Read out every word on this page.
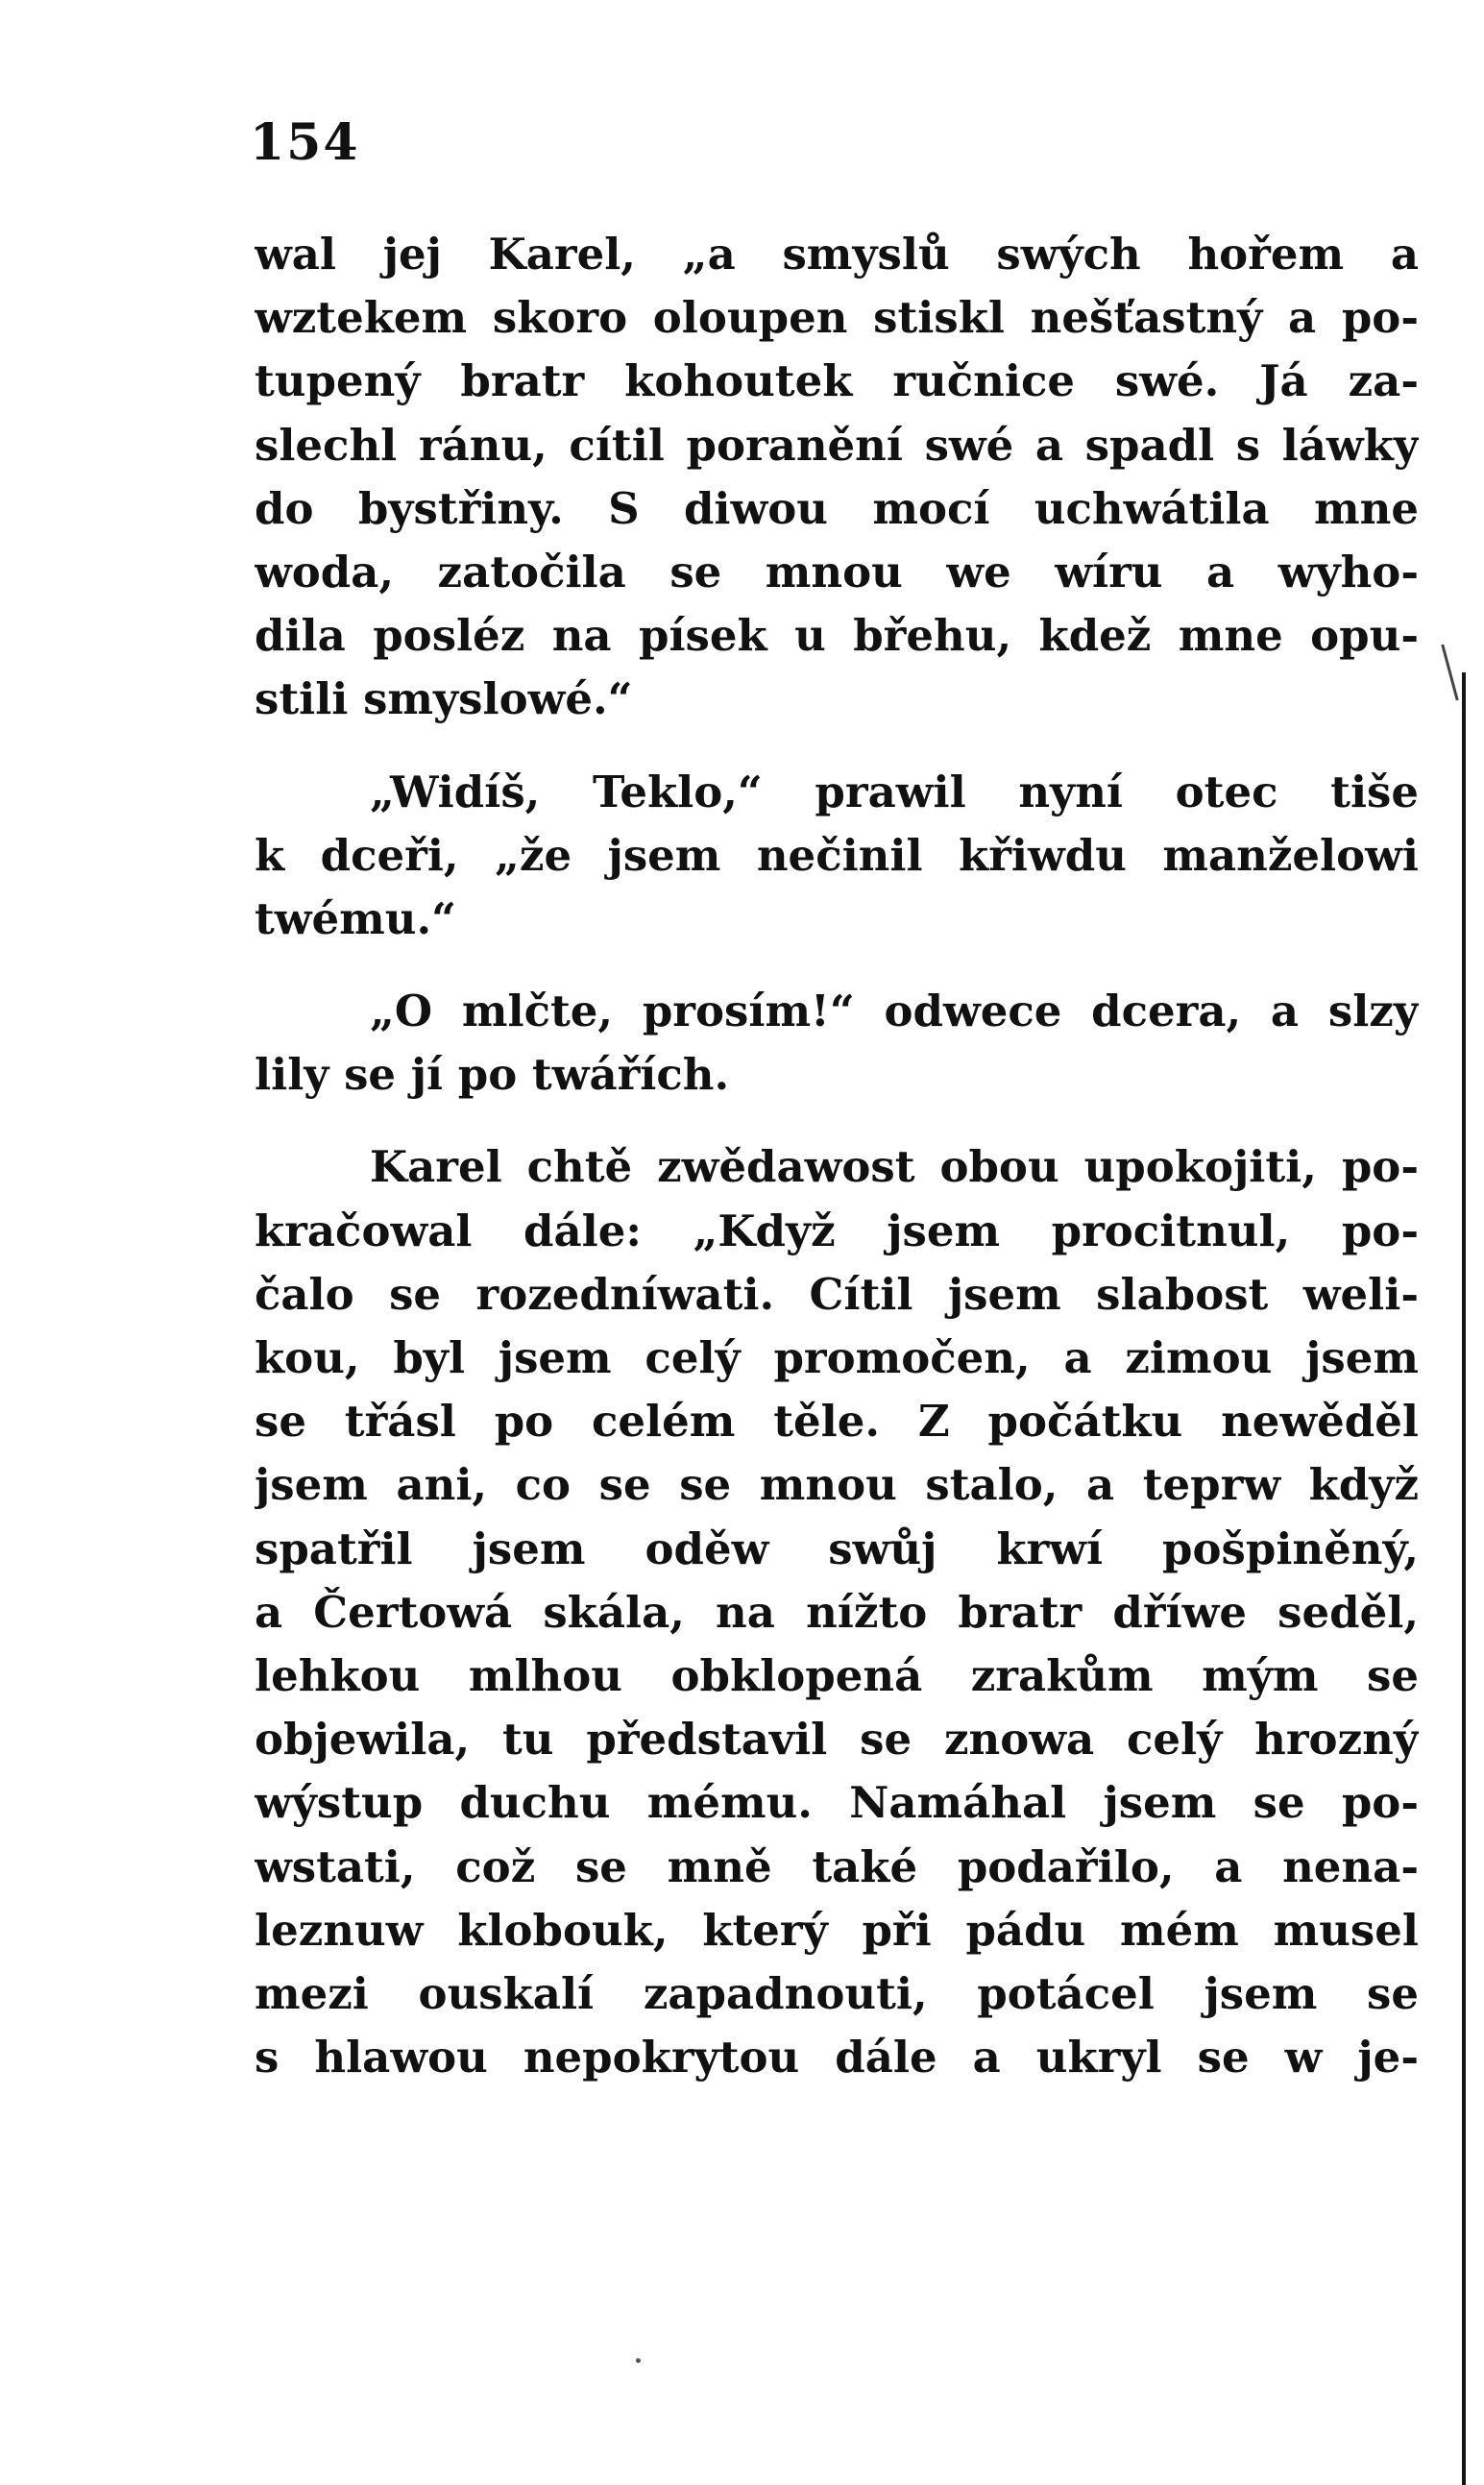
154
wal jej Karel, „a smyslů swých hořem a
wztekem skoro oloupen stiskl nešťastný a po-
tupený bratr kohoutek ručnice swé. Já za-
slechl ránu, cítil poranění swé a spadl s láwky
do bystřiny. S diwou mocí uchwátila mne
woda, zatočila se mnou we wíru a wyho-
dila posléz na písek u břehu, kdež mne opu-
stili smyslowé.“
„Widíš, Teklo,“ prawil nyní otec tiše
k dceři, „že jsem nečinil křiwdu manželowi
twému.“
„O mlčte, prosím!“ odwece dcera, a slzy
lily se jí po twářích.
Karel chtě zwědawost obou upokojiti, po-
kračowal dále: „Když jsem procitnul, po-
čalo se rozedníwati. Cítil jsem slabost weli-
kou, byl jsem celý promočen, a zimou jsem
se třásl po celém těle. Z počátku newěděl
jsem ani, co se se mnou stalo, a teprw když
spatřil jsem oděw swůj krwí pošpiněný,
a Čertowá skála, na nížto bratr dříwe seděl,
lehkou mlhou obklopená zrakům mým se
objewila, tu představil se znowa celý hrozný
wýstup duchu mému. Namáhal jsem se po-
wstati, což se mně také podařilo, a nena-
leznuw klobouk, který při pádu mém musel
mezi ouskalí zapadnouti, potácel jsem se
s hlawou nepokrytou dále a ukryl se w je-
